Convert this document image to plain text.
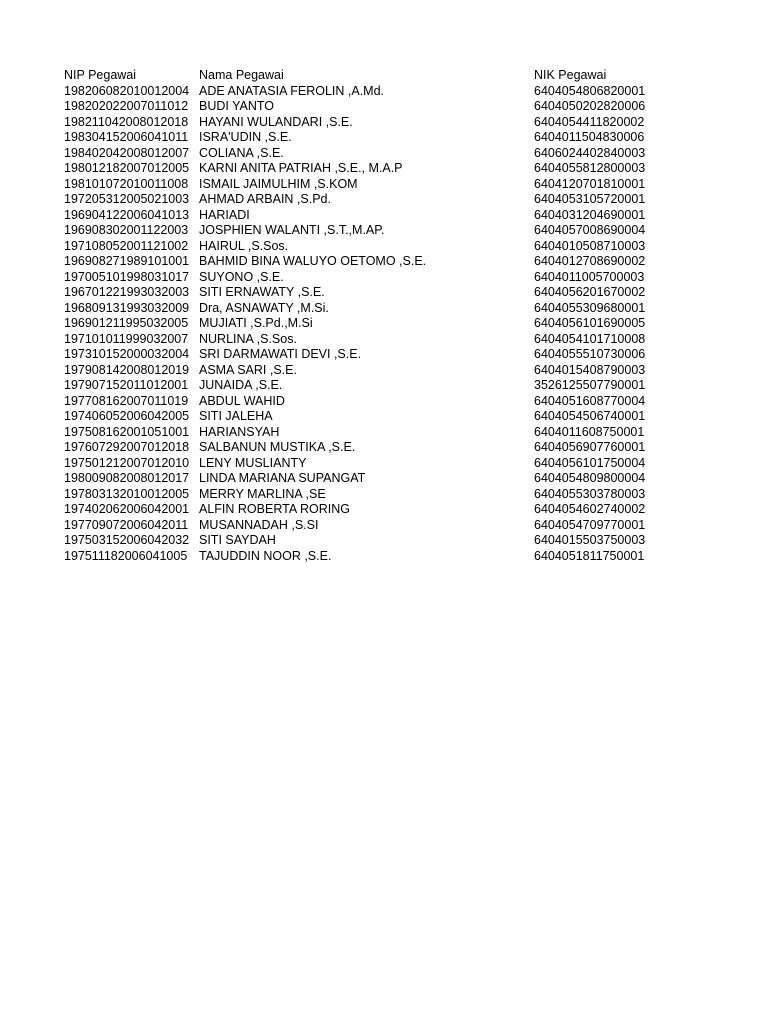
NIP Pegawai	Nama Pegawai	NIK Pegawai
198206082010012004 ADE ANATASIA FEROLIN ,A.Md.	6404054806820001
198202022007011012 BUDI YANTO	6404050202820006
198211042008012018 HAYANI WULANDARI ,S.E.	6404054411820002
198304152006041011 ISRA'UDIN ,S.E.	6404011504830006
198402042008012007 COLIANA ,S.E.	6406024402840003
198012182007012005 KARNI ANITA PATRIAH ,S.E., M.A.P	6404055812800003
198101072010011008 ISMAIL JAIMULHIM ,S.KOM	6404120701810001
197205312005021003 AHMAD ARBAIN ,S.Pd.	6404053105720001
196904122006041013 HARIADI	6404031204690001
196908302001122003 JOSPHIEN WALANTI ,S.T.,M.AP.	6404057008690004
197108052001121002 HAIRUL ,S.Sos.	6404010508710003
196908271989101001 BAHMID BINA WALUYO OETOMO ,S.E.	6404012708690002
197005101998031017 SUYONO ,S.E.	6404011005700003
196701221993032003 SITI ERNAWATY ,S.E.	6404056201670002
196809131993032009 Dra, ASNAWATY ,M.Si.	6404055309680001
196901211995032005 MUJIATI ,S.Pd.,M.Si	6404056101690005
197101011999032007 NURLINA ,S.Sos.	6404054101710008
197310152000032004 SRI DARMAWATI DEVI ,S.E.	6404055510730006
197908142008012019 ASMA SARI ,S.E.	6404015408790003
197907152011012001 JUNAIDA ,S.E.	3526125507790001
197708162007011019 ABDUL WAHID	6404051608770004
197406052006042005 SITI JALEHA	6404054506740001
197508162001051001 HARIANSYAH	6404011608750001
197607292007012018 SALBANUN MUSTIKA ,S.E.	6404056907760001
197501212007012010 LENY MUSLIANTY	6404056101750004
198009082008012017 LINDA MARIANA SUPANGAT	6404054809800004
197803132010012005 MERRY MARLINA ,SE	6404055303780003
197402062006042001 ALFIN ROBERTA RORING	6404054602740002
197709072006042011 MUSANNADAH ,S.SI	6404054709770001
197503152006042032 SITI SAYDAH	6404015503750003
197511182006041005 TAJUDDIN NOOR ,S.E.	6404051811750001
